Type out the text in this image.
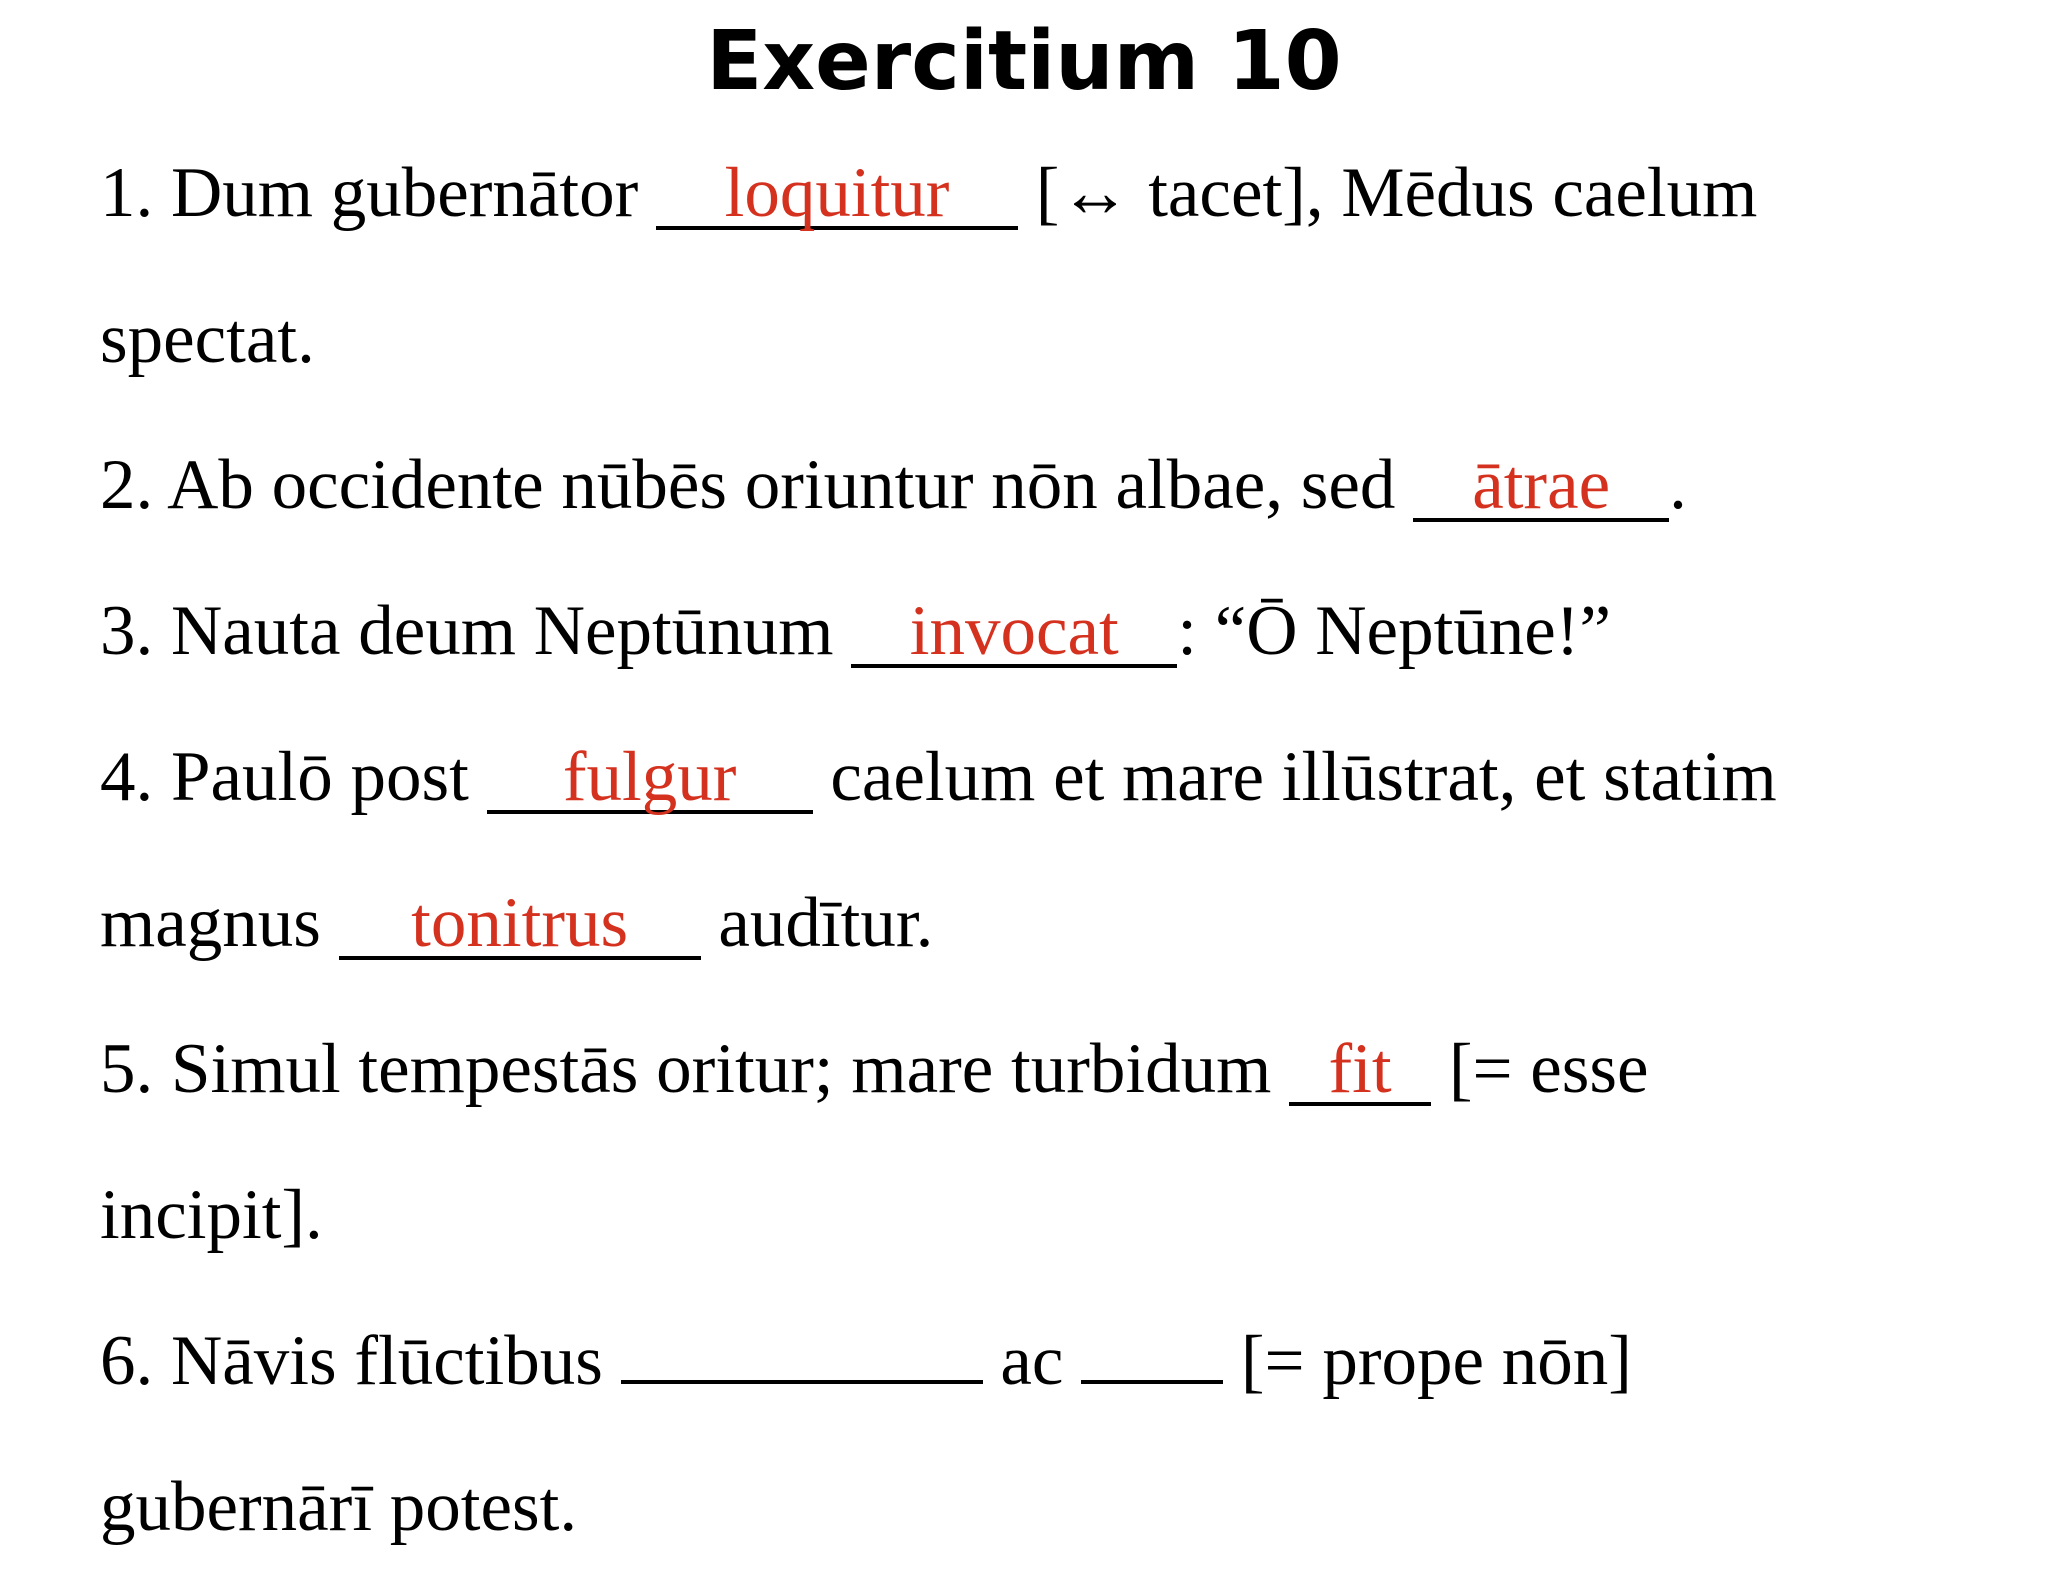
Exercitium 10
1. Dum gubernātor loquitur [↔ tacet], Mēdus caelum
spectat.
2. Ab occidente nūbēs oriuntur nōn albae, sed ātrae .
3. Nauta deum Neptūnum invocat : “Ō Neptūne!”
4. Paulō post fulgur caelum et mare illūstrat, et statim
magnus tonitrus audītur.
5. Simul tempestās oritur; mare turbidum fit [= esse
incipit].
6. Nāvis flūctibus	ac  [= prope nōn]
gubernārī potest.
